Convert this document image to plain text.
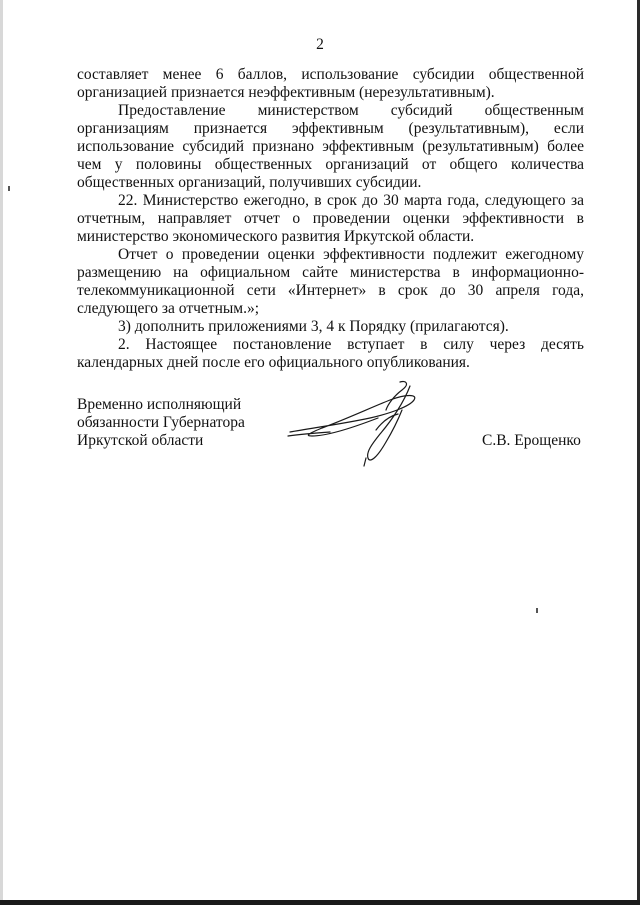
2

составляет менее 6 баллов, использование субсидии общественной организацией признается неэффективным (нерезультативным).

Предоставление министерством субсидий общественным организациям признается эффективным (результативным), если использование субсидий признано эффективным (результативным) более чем у половины общественных организаций от общего количества общественных организаций, получивших субсидии.

22. Министерство ежегодно, в срок до 30 марта года, следующего за отчетным, направляет отчет о проведении оценки эффективности в министерство экономического развития Иркутской области.

Отчет о проведении оценки эффективности подлежит ежегодному размещению на официальном сайте министерства в информационно-телекоммуникационной сети «Интернет» в срок до 30 апреля года, следующего за отчетным.»;

3) дополнить приложениями 3, 4 к Порядку (прилагаются).

2. Настоящее постановление вступает в силу через десять календарных дней после его официального опубликования.

Временно исполняющий
обязанности Губернатора
Иркутской области	С.В. Ерощенко
